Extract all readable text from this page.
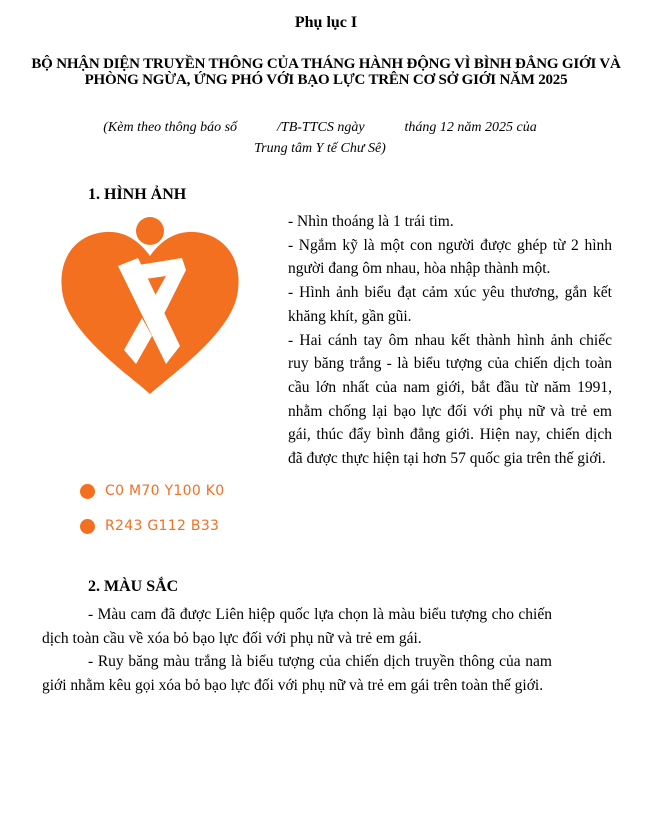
Phụ lục I
BỘ NHẬN DIỆN TRUYỀN THÔNG CỦA THÁNG HÀNH ĐỘNG VÌ BÌNH ĐẲNG GIỚI VÀ PHÒNG NGỪA, ỨNG PHÓ VỚI BẠO LỰC TRÊN CƠ SỞ GIỚI NĂM 2025
(Kèm theo thông báo số	/TB-TTCS ngày	tháng 12 năm 2025 của
Trung tâm Y tế Chư Sê)
1. HÌNH ẢNH
C0 M70 Y100 K0
R243 G112 B33

- Nhìn thoáng là 1 trái tim.

- Ngắm kỹ là một con người được ghép từ 2 hình người đang ôm nhau, hòa nhập thành một.

- Hình ảnh biểu đạt cảm xúc yêu thương, gắn kết khăng khít, gần gũi.

- Hai cánh tay ôm nhau kết thành hình ảnh chiếc ruy băng trắng - là biểu tượng của chiến dịch toàn cầu lớn nhất của nam giới, bắt đầu từ năm 1991, nhằm chống lại bạo lực đối với phụ nữ và trẻ em gái, thúc đẩy bình đẳng giới. Hiện nay, chiến dịch đã được thực hiện tại hơn 57 quốc gia trên thế giới.

2. MÀU SẮC

- Màu cam đã được Liên hiệp quốc lựa chọn là màu biểu tượng cho chiến dịch toàn cầu về xóa bỏ bạo lực đối với phụ nữ và trẻ em gái.

- Ruy băng màu trắng là biểu tượng của chiến dịch truyền thông của nam giới nhằm kêu gọi xóa bỏ bạo lực đối với phụ nữ và trẻ em gái trên toàn thế giới.
